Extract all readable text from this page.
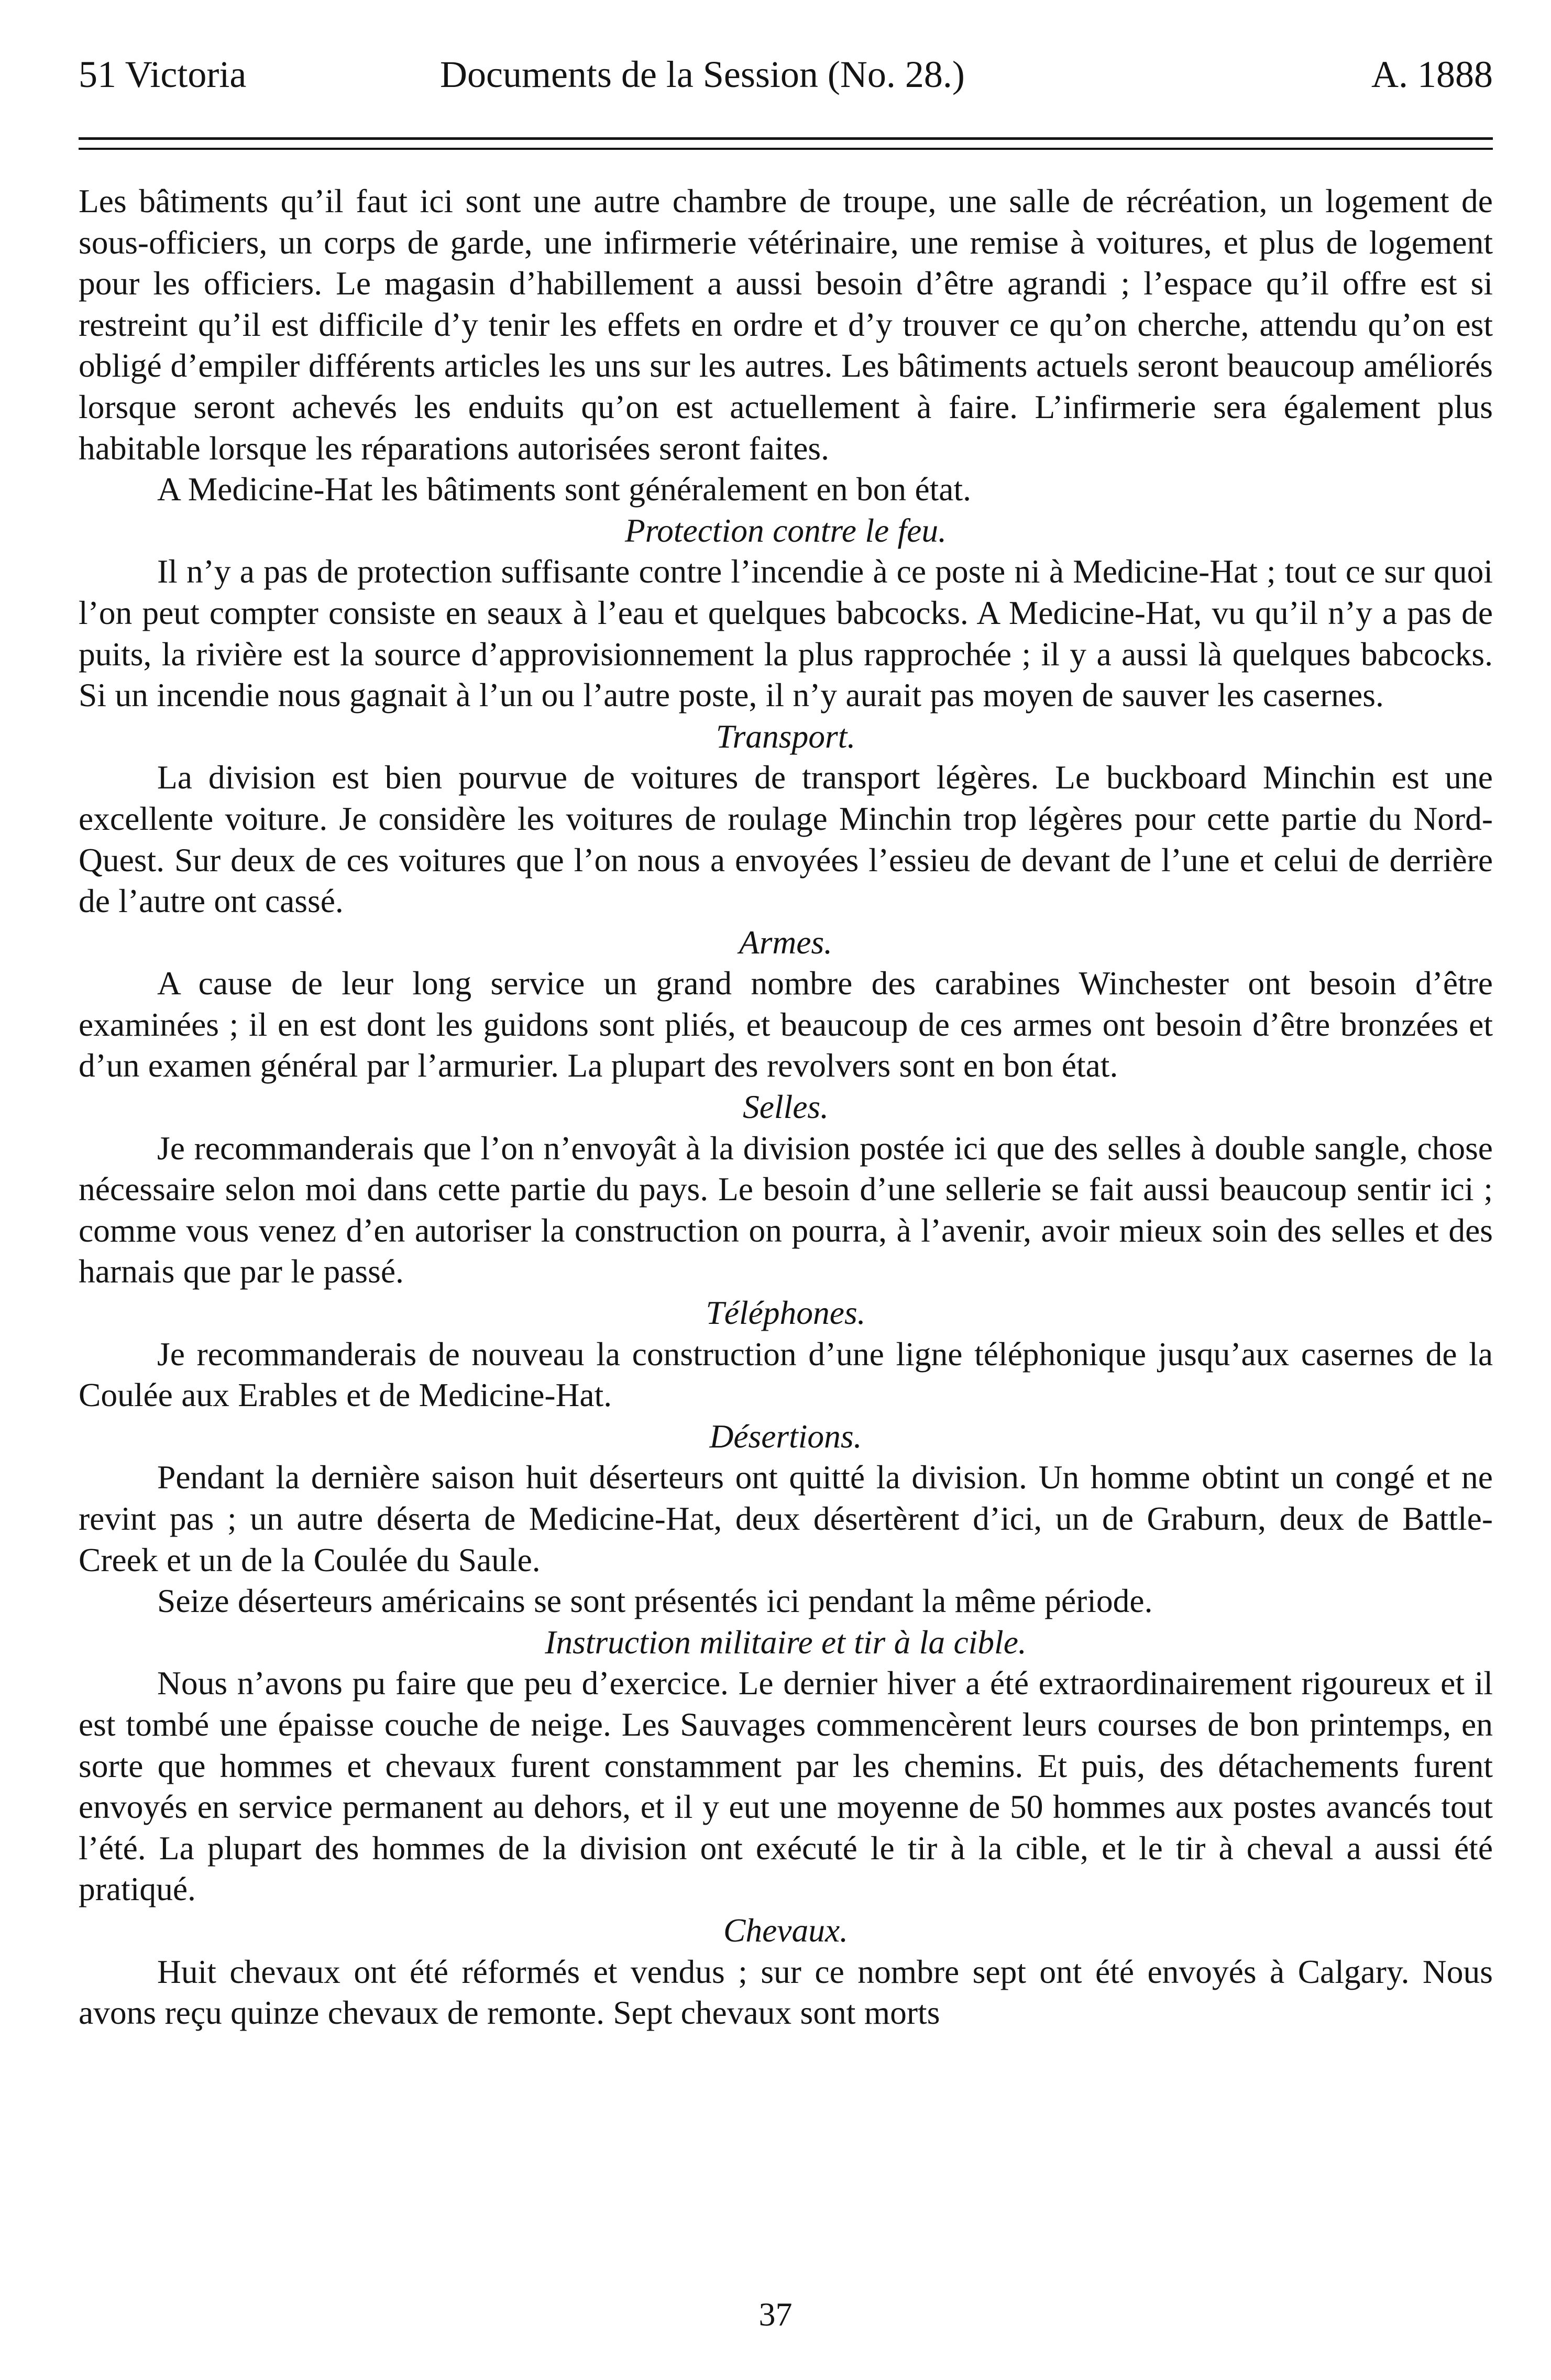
51 Victoria	Documents de la Session (No. 28.)	A. 1888

Les bâtiments qu’il faut ici sont une autre chambre de troupe, une salle de récréation, un logement de sous-officiers, un corps de garde, une infirmerie vétérinaire, une remise à voitures, et plus de logement pour les officiers. Le magasin d’habillement a aussi besoin d’être agrandi ; l’espace qu’il offre est si restreint qu’il est difficile d’y tenir les effets en ordre et d’y trouver ce qu’on cherche, attendu qu’on est obligé d’empiler différents articles les uns sur les autres. Les bâtiments actuels seront beaucoup améliorés lorsque seront achevés les enduits qu’on est actuellement à faire. L’infirmerie sera également plus habitable lorsque les réparations autorisées seront faites.

A Medicine-Hat les bâtiments sont généralement en bon état.

Protection contre le feu.

Il n’y a pas de protection suffisante contre l’incendie à ce poste ni à Medicine-Hat ; tout ce sur quoi l’on peut compter consiste en seaux à l’eau et quelques babcocks. A Medicine-Hat, vu qu’il n’y a pas de puits, la rivière est la source d’approvisionnement la plus rapprochée ; il y a aussi là quelques babcocks. Si un incendie nous gagnait à l’un ou l’autre poste, il n’y aurait pas moyen de sauver les casernes.

Transport.

La division est bien pourvue de voitures de transport légères. Le buckboard Minchin est une excellente voiture. Je considère les voitures de roulage Minchin trop légères pour cette partie du Nord-Quest. Sur deux de ces voitures que l’on nous a envoyées l’essieu de devant de l’une et celui de derrière de l’autre ont cassé.

Armes.

A cause de leur long service un grand nombre des carabines Winchester ont besoin d’être examinées ; il en est dont les guidons sont pliés, et beaucoup de ces armes ont besoin d’être bronzées et d’un examen général par l’armurier. La plupart des revolvers sont en bon état.

Selles.

Je recommanderais que l’on n’envoyât à la division postée ici que des selles à double sangle, chose nécessaire selon moi dans cette partie du pays. Le besoin d’une sellerie se fait aussi beaucoup sentir ici ; comme vous venez d’en autoriser la construction on pourra, à l’avenir, avoir mieux soin des selles et des harnais que par le passé.

Téléphones.

Je recommanderais de nouveau la construction d’une ligne téléphonique jusqu’aux casernes de la Coulée aux Erables et de Medicine-Hat.

Désertions.

Pendant la dernière saison huit déserteurs ont quitté la division. Un homme obtint un congé et ne revint pas ; un autre déserta de Medicine-Hat, deux désertèrent d’ici, un de Graburn, deux de Battle-Creek et un de la Coulée du Saule.

Seize déserteurs américains se sont présentés ici pendant la même période.

Instruction militaire et tir à la cible.

Nous n’avons pu faire que peu d’exercice. Le dernier hiver a été extraordinairement rigoureux et il est tombé une épaisse couche de neige. Les Sauvages commencèrent leurs courses de bon printemps, en sorte que hommes et chevaux furent constamment par les chemins. Et puis, des détachements furent envoyés en service permanent au dehors, et il y eut une moyenne de 50 hommes aux postes avancés tout l’été. La plupart des hommes de la division ont exécuté le tir à la cible, et le tir à cheval a aussi été pratiqué.

Chevaux.

Huit chevaux ont été réformés et vendus ; sur ce nombre sept ont été envoyés à Calgary. Nous avons reçu quinze chevaux de remonte. Sept chevaux sont morts

37
